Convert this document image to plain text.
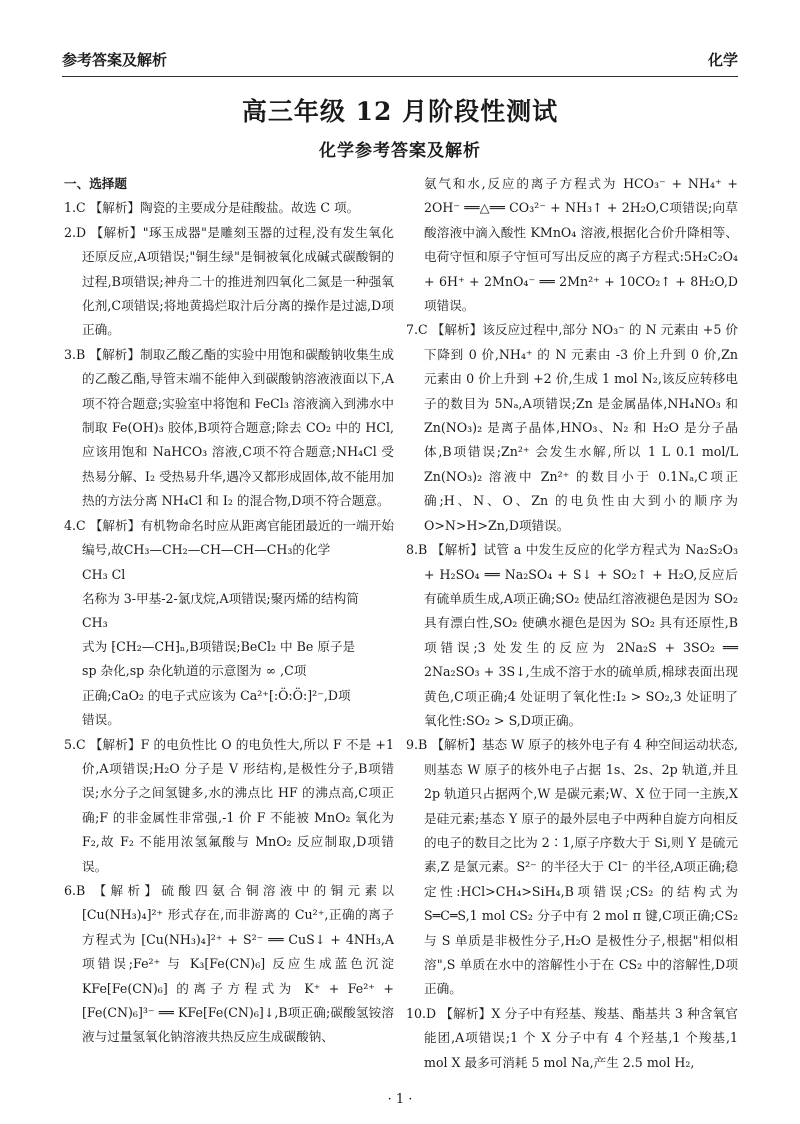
参考答案及解析	化学
高三年级 12 月阶段性测试
化学参考答案及解析

一、选择题

1.C 【解析】陶瓷的主要成分是硅酸盐。故选 C 项。

2.D 【解析】"琢玉成器"是雕刻玉器的过程,没有发生氧化还原反应,A项错误;"铜生绿"是铜被氧化成碱式碳酸铜的过程,B项错误;神舟二十的推进剂四氧化二氮是一种强氧化剂,C项错误;将地黄捣烂取汁后分离的操作是过滤,D项正确。

3.B 【解析】制取乙酸乙酯的实验中用饱和碳酸钠收集生成的乙酸乙酯,导管末端不能伸入到碳酸钠溶液液面以下,A项不符合题意;实验室中将饱和 FeCl₃ 溶液滴入到沸水中制取 Fe(OH)₃ 胶体,B项符合题意;除去 CO₂ 中的 HCl,应该用饱和 NaHCO₃ 溶液,C项不符合题意;NH₄Cl 受热易分解、I₂ 受热易升华,遇冷又都形成固体,故不能用加热的方法分离 NH₄Cl 和 I₂ 的混合物,D项不符合题意。

4.C 【解析】有机物命名时应从距离官能团最近的一端开始编号,故CH₃—CH₂—CH—CH—CH₃的化学

CH₃ Cl

名称为 3-甲基-2-氯戊烷,A项错误;聚丙烯的结构简

CH₃

式为 ⁅CH₂—CH⁆ₙ,B项错误;BeCl₂ 中 Be 原子是

sp 杂化,sp 杂化轨道的示意图为 ∞ ,C项

正确;CaO₂ 的电子式应该为 Ca²⁺[:Ö:Ö:]²⁻,D项

错误。

5.C 【解析】F 的电负性比 O 的电负性大,所以 F 不是 +1 价,A项错误;H₂O 分子是 V 形结构,是极性分子,B项错误;水分子之间氢键多,水的沸点比 HF 的沸点高,C项正确;F 的非金属性非常强,-1 价 F 不能被 MnO₂ 氧化为 F₂,故 F₂ 不能用浓氢氟酸与 MnO₂ 反应制取,D项错误。

6.B 【解析】硫酸四氨合铜溶液中的铜元素以 [Cu(NH₃)₄]²⁺ 形式存在,而非游离的 Cu²⁺,正确的离子方程式为 [Cu(NH₃)₄]²⁺ + S²⁻ ══ CuS↓ + 4NH₃,A项错误;Fe²⁺ 与 K₃[Fe(CN)₆] 反应生成蓝色沉淀 KFe[Fe(CN)₆] 的离子方程式为 K⁺ + Fe²⁺ + [Fe(CN)₆]³⁻ ══ KFe[Fe(CN)₆]↓,B项正确;碳酸氢铵溶液与过量氢氧化钠溶液共热反应生成碳酸钠、

氨气和水,反应的离子方程式为 HCO₃⁻ + NH₄⁺ + 2OH⁻ ══△══ CO₃²⁻ + NH₃↑ + 2H₂O,C项错误;向草酸溶液中滴入酸性 KMnO₄ 溶液,根据化合价升降相等、电荷守恒和原子守恒可写出反应的离子方程式:5H₂C₂O₄ + 6H⁺ + 2MnO₄⁻ ══ 2Mn²⁺ + 10CO₂↑ + 8H₂O,D项错误。

7.C 【解析】该反应过程中,部分 NO₃⁻ 的 N 元素由 +5 价下降到 0 价,NH₄⁺ 的 N 元素由 -3 价上升到 0 价,Zn 元素由 0 价上升到 +2 价,生成 1 mol N₂,该反应转移电子的数目为 5Nₐ,A项错误;Zn 是金属晶体,NH₄NO₃ 和 Zn(NO₃)₂ 是离子晶体,HNO₃、N₂ 和 H₂O 是分子晶体,B项错误;Zn²⁺ 会发生水解,所以 1 L 0.1 mol/L Zn(NO₃)₂ 溶液中 Zn²⁺ 的数目小于 0.1Nₐ,C项正确;H、N、O、Zn 的电负性由大到小的顺序为 O>N>H>Zn,D项错误。

8.B 【解析】试管 a 中发生反应的化学方程式为 Na₂S₂O₃ + H₂SO₄ ══ Na₂SO₄ + S↓ + SO₂↑ + H₂O,反应后有硫单质生成,A项正确;SO₂ 使品红溶液褪色是因为 SO₂ 具有漂白性,SO₂ 使碘水褪色是因为 SO₂ 具有还原性,B项错误;3 处发生的反应为 2Na₂S + 3SO₂ ══ 2Na₂SO₃ + 3S↓,生成不溶于水的硫单质,棉球表面出现黄色,C项正确;4 处证明了氧化性:I₂ > SO₂,3 处证明了氧化性:SO₂ > S,D项正确。

9.B 【解析】基态 W 原子的核外电子有 4 种空间运动状态,则基态 W 原子的核外电子占据 1s、2s、2p 轨道,并且 2p 轨道只占据两个,W 是碳元素;W、X 位于同一主族,X 是硅元素;基态 Y 原子的最外层电子中两种自旋方向相反的电子的数目之比为 2∶1,原子序数大于 Si,则 Y 是硫元素,Z 是氯元素。S²⁻ 的半径大于 Cl⁻ 的半径,A项正确;稳定性:HCl>CH₄>SiH₄,B项错误;CS₂ 的结构式为 S═C═S,1 mol CS₂ 分子中有 2 mol π 键,C项正确;CS₂ 与 S 单质是非极性分子,H₂O 是极性分子,根据"相似相溶",S 单质在水中的溶解性小于在 CS₂ 中的溶解性,D项正确。

10.D 【解析】X 分子中有羟基、羧基、酯基共 3 种含氧官能团,A项错误;1 个 X 分子中有 4 个羟基,1 个羧基,1 mol X 最多可消耗 5 mol Na,产生 2.5 mol H₂,

· 1 ·
